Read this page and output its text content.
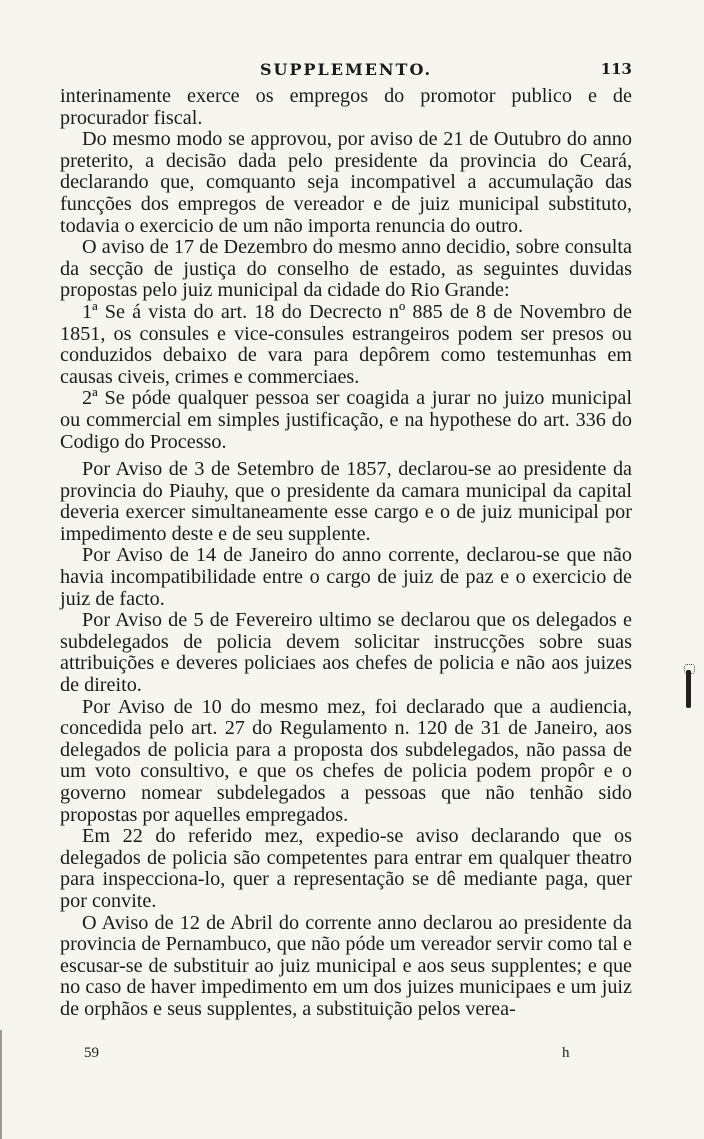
SUPPLEMENTO.	113

interinamente exerce os empregos do promotor publico e de procurador fiscal.

Do mesmo modo se approvou, por aviso de 21 de Outubro do anno preterito, a decisão dada pelo presidente da provincia do Ceará, declarando que, comquanto seja incompativel a accumulação das funcções dos empregos de vereador e de juiz municipal substituto, todavia o exercicio de um não importa renuncia do outro.

O aviso de 17 de Dezembro do mesmo anno decidio, sobre consulta da secção de justiça do conselho de estado, as seguintes duvidas propostas pelo juiz municipal da cidade do Rio Grande:

1ª Se á vista do art. 18 do Decrecto nº 885 de 8 de Novembro de 1851, os consules e vice-consules estrangeiros podem ser presos ou conduzidos debaixo de vara para depôrem como testemunhas em causas civeis, crimes e commerciaes.

2ª Se póde qualquer pessoa ser coagida a jurar no juizo municipal ou commercial em simples justificação, e na hypothese do art. 336 do Codigo do Processo.

Por Aviso de 3 de Setembro de 1857, declarou-se ao presidente da provincia do Piauhy, que o presidente da camara municipal da capital deveria exercer simultaneamente esse cargo e o de juiz municipal por impedimento deste e de seu supplente.

Por Aviso de 14 de Janeiro do anno corrente, declarou-se que não havia incompatibilidade entre o cargo de juiz de paz e o exercicio de juiz de facto.

Por Aviso de 5 de Fevereiro ultimo se declarou que os delegados e subdelegados de policia devem solicitar instrucções sobre suas attribuições e deveres policiaes aos chefes de policia e não aos juizes de direito.

Por Aviso de 10 do mesmo mez, foi declarado que a audiencia, concedida pelo art. 27 do Regulamento n. 120 de 31 de Janeiro, aos delegados de policia para a proposta dos subdelegados, não passa de um voto consultivo, e que os chefes de policia podem propôr e o governo nomear subdelegados a pessoas que não tenhão sido propostas por aquelles empregados.

Em 22 do referido mez, expedio-se aviso declarando que os delegados de policia são competentes para entrar em qualquer theatro para inspecciona-lo, quer a representação se dê mediante paga, quer por convite.

O Aviso de 12 de Abril do corrente anno declarou ao presidente da provincia de Pernambuco, que não póde um vereador servir como tal e escusar-se de substituir ao juiz municipal e aos seus supplentes; e que no caso de haver impedimento em um dos juizes municipaes e um juiz de orphãos e seus supplentes, a substituição pelos verea-

59	h
